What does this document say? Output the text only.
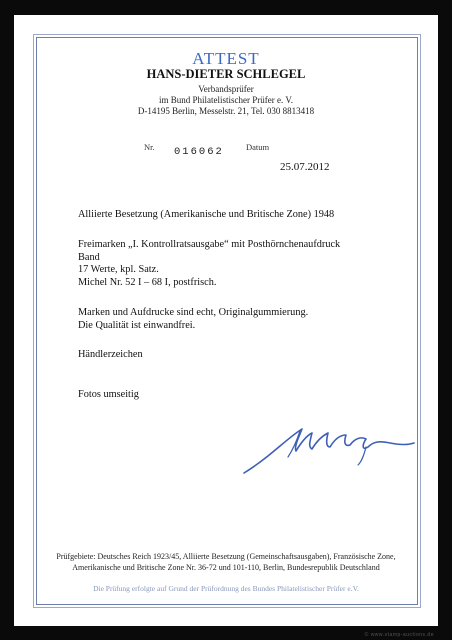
ATTEST
HANS-DIETER SCHLEGEL
Verbandsprüfer
im Bund Philatelistischer Prüfer e. V.
D-14195 Berlin, Messelstr. 21, Tel. 030 8813418
Nr. 016062	Datum
25.07.2012
Alliierte Besetzung (Amerikanische und Britische Zone) 1948
Freimarken „I. Kontrollratsausgabe“ mit Posthörnchenaufdruck
Band
17 Werte, kpl. Satz.
Michel Nr. 52 I – 68 I, postfrisch.
Marken und Aufdrucke sind echt, Originalgummierung.
Die Qualität ist einwandfrei.
Händlerzeichen
Fotos umseitig
Prüfgebiete: Deutsches Reich 1923/45, Alliierte Besetzung (Gemeinschaftsausgaben), Französische Zone,
Amerikanische und Britische Zone Nr. 36-72 und 101-110, Berlin, Bundesrepublik Deutschland
Die Prüfung erfolgte auf Grund der Prüfordnung des Bundes Philatelistischer Prüfer e.V.
© www.stamp-auctions.de
